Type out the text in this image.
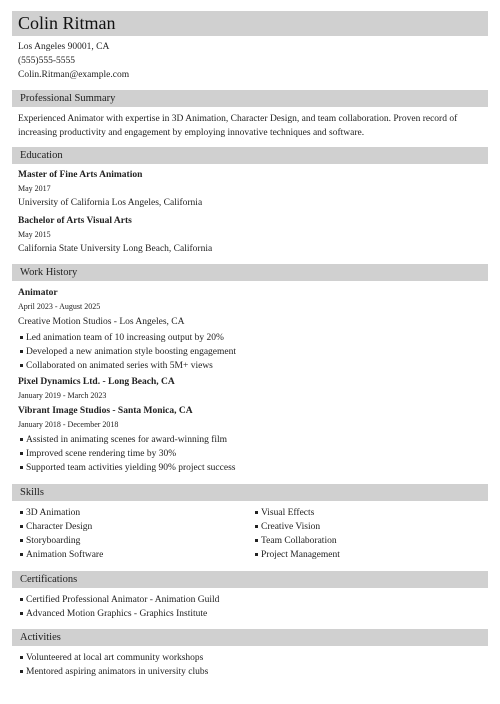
Colin Ritman
Los Angeles 90001, CA
(555)555-5555
Colin.Ritman@example.com
Professional Summary
Experienced Animator with expertise in 3D Animation, Character Design, and team collaboration. Proven record of
increasing productivity and engagement by employing innovative techniques and software.
Education
Master of Fine Arts Animation
May 2017
University of California Los Angeles, California
Bachelor of Arts Visual Arts
May 2015
California State University Long Beach, California
Work History
Animator
April 2023 - August 2025
Creative Motion Studios - Los Angeles, CA
Led animation team of 10 increasing output by 20%
Developed a new animation style boosting engagement
Collaborated on animated series with 5M+ views
Pixel Dynamics Ltd. - Long Beach, CA
January 2019 - March 2023
Vibrant Image Studios - Santa Monica, CA
January 2018 - December 2018
Assisted in animating scenes for award-winning film
Improved scene rendering time by 30%
Supported team activities yielding 90% project success
Skills
3D Animation
Character Design
Storyboarding
Animation Software
Visual Effects
Creative Vision
Team Collaboration
Project Management
Certifications
Certified Professional Animator - Animation Guild
Advanced Motion Graphics - Graphics Institute
Activities
Volunteered at local art community workshops
Mentored aspiring animators in university clubs
